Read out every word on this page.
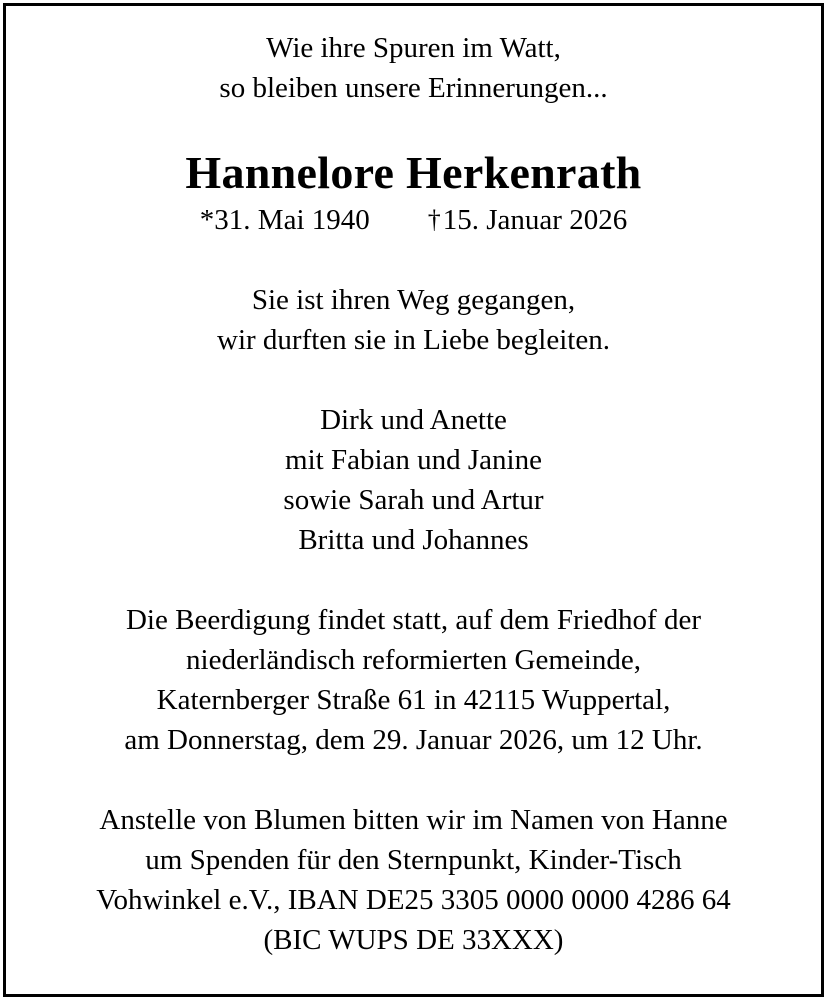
Wie ihre Spuren im Watt,
so bleiben unsere Erinnerungen...
Hannelore Herkenrath
*31. Mai 1940 †15. Januar 2026
Sie ist ihren Weg gegangen,
wir durften sie in Liebe begleiten.
Dirk und Anette
mit Fabian und Janine
sowie Sarah und Artur
Britta und Johannes
Die Beerdigung findet statt, auf dem Friedhof der
niederländisch reformierten Gemeinde,
Katernberger Straße 61 in 42115 Wuppertal,
am Donnerstag, dem 29. Januar 2026, um 12 Uhr.
Anstelle von Blumen bitten wir im Namen von Hanne
um Spenden für den Sternpunkt, Kinder-Tisch
Vohwinkel e.V., IBAN DE25 3305 0000 0000 4286 64
(BIC WUPS DE 33XXX)
